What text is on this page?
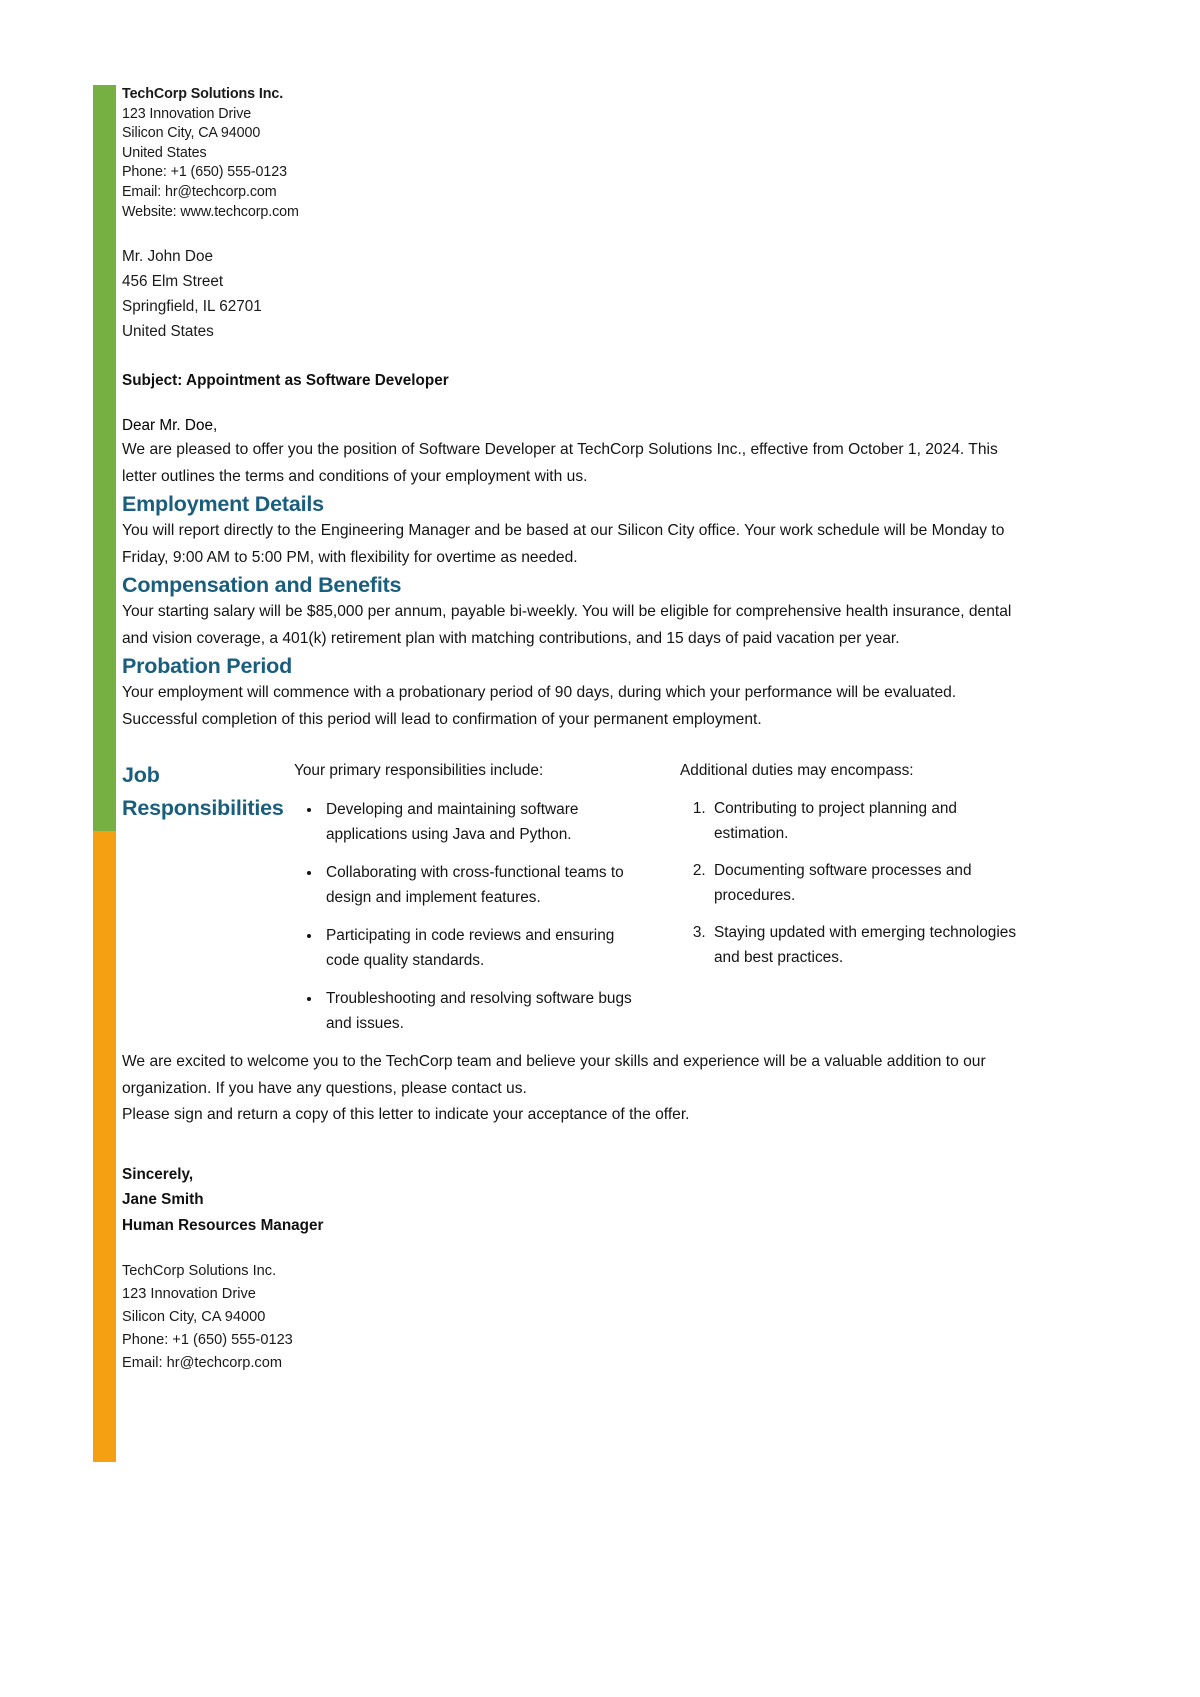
TechCorp Solutions Inc.
123 Innovation Drive
Silicon City, CA 94000
United States
Phone: +1 (650) 555-0123
Email: hr@techcorp.com
Website: www.techcorp.com
Mr. John Doe
456 Elm Street
Springfield, IL 62701
United States
Subject: Appointment as Software Developer
Dear Mr. Doe,

We are pleased to offer you the position of Software Developer at TechCorp Solutions Inc., effective from October 1, 2024. This letter outlines the terms and conditions of your employment with us.

Employment Details

You will report directly to the Engineering Manager and be based at our Silicon City office. Your work schedule will be Monday to Friday, 9:00 AM to 5:00 PM, with flexibility for overtime as needed.

Compensation and Benefits

Your starting salary will be $85,000 per annum, payable bi-weekly. You will be eligible for comprehensive health insurance, dental and vision coverage, a 401(k) retirement plan with matching contributions, and 15 days of paid vacation per year.

Probation Period

Your employment will commence with a probationary period of 90 days, during which your performance will be evaluated. Successful completion of this period will lead to confirmation of your permanent employment.

Job
Responsibilities

Your primary responsibilities include:

• Developing and maintaining software applications using Java and Python.
• Collaborating with cross-functional teams to design and implement features.
• Participating in code reviews and ensuring code quality standards.
• Troubleshooting and resolving software bugs and issues.

Additional duties may encompass:

1. Contributing to project planning and estimation.
2. Documenting software processes and procedures.
3. Staying updated with emerging technologies and best practices.

We are excited to welcome you to the TechCorp team and believe your skills and experience will be a valuable addition to our organization. If you have any questions, please contact us.

Please sign and return a copy of this letter to indicate your acceptance of the offer.

Sincerely,
Jane Smith
Human Resources Manager
TechCorp Solutions Inc.
123 Innovation Drive
Silicon City, CA 94000
Phone: +1 (650) 555-0123
Email: hr@techcorp.com
